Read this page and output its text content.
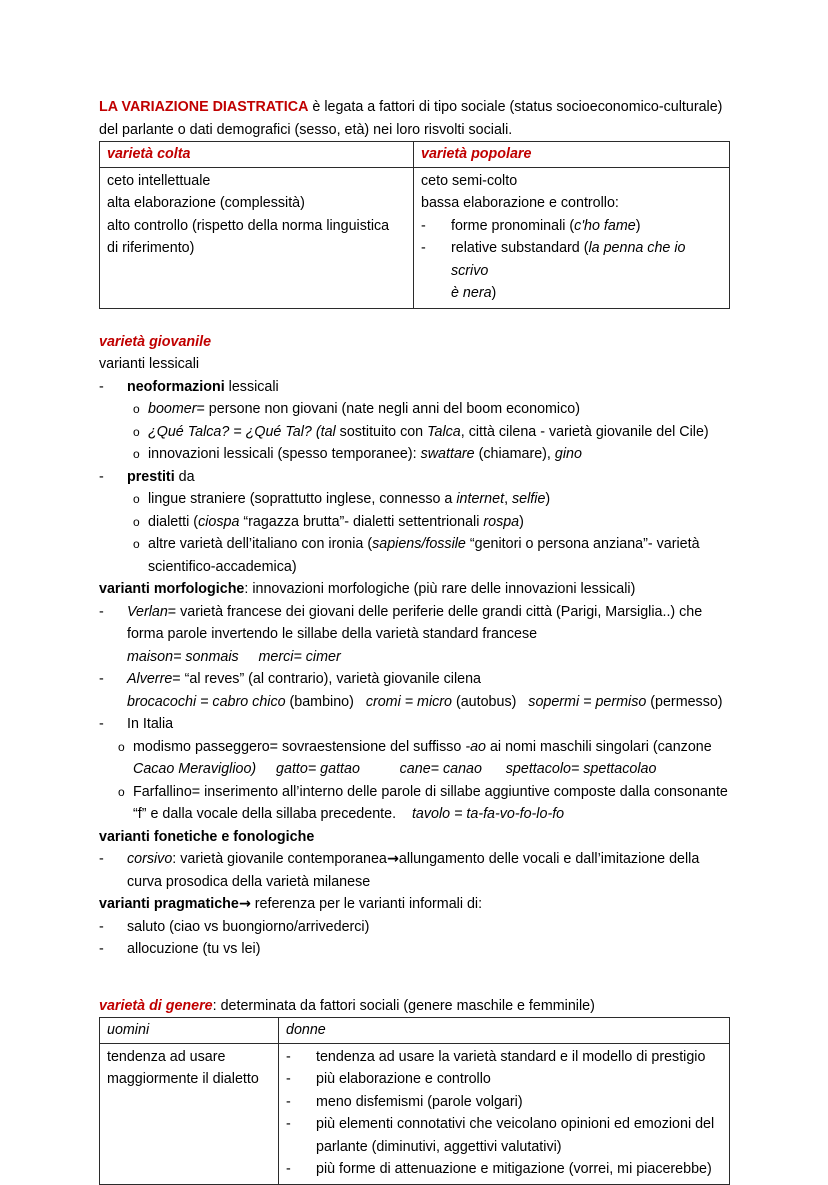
LA VARIAZIONE DIASTRATICA è legata a fattori di tipo sociale (status socioeconomico-culturale)
del parlante o dati demografici (sesso, età) nei loro risvolti sociali.
varietà colta	varietà popolare

ceto intellettuale
alta elaborazione (complessità)
alto controllo (rispetto della norma linguistica
di riferimento)

ceto semi-colto
bassa elaborazione e controllo:
-	forme pronominali (c'ho fame)
-	relative substandard (la penna che io scrivo
è nera)
varietà giovanile
varianti lessicali
-	neoformazioni lessicali
o boomer= persone non giovani (nate negli anni del boom economico)
o ¿Qué Talca? = ¿Qué Tal? (tal sostituito con Talca, città cilena - varietà giovanile del Cile)
o innovazioni lessicali (spesso temporanee): swattare (chiamare), gino
-	prestiti da
o lingue straniere (soprattutto inglese, connesso a internet, selfie)
o dialetti (ciospa “ragazza brutta”- dialetti settentrionali rospa)
o altre varietà dell’italiano con ironia (sapiens/fossile “genitori o persona anziana”- varietà
scientifico-accademica)
varianti morfologiche: innovazioni morfologiche (più rare delle innovazioni lessicali)
-	Verlan= varietà francese dei giovani delle periferie delle grandi città (Parigi, Marsiglia..) che
forma parole invertendo le sillabe della varietà standard francese
maison= sonmais     merci= cimer
-	Alverre= “al reves” (al contrario), varietà giovanile cilena
brocacochi = cabro chico (bambino)   cromi = micro (autobus)   sopermi = permiso (permesso)
-	In Italia
o modismo passeggero= sovraestensione del suffisso -ao ai nomi maschili singolari (canzone
Cacao Meraviglioo) gatto= gattao	cane= canao spettacolo= spettacolao
o Farfallino= inserimento all’interno delle parole di sillabe aggiuntive composte dalla consonante
“f” e dalla vocale della sillaba precedente.    tavolo = ta-fa-vo-fo-lo-fo
varianti fonetiche e fonologiche
-	corsivo: varietà giovanile contemporanea→allungamento delle vocali e dall’imitazione della
curva prosodica della varietà milanese
varianti pragmatiche→ referenza per le varianti informali di:
-	saluto (ciao vs buongiorno/arrivederci)
-	allocuzione (tu vs lei)
varietà di genere: determinata da fattori sociali (genere maschile e femminile)
uomini	donne

tendenza ad usare
maggiormente il dialetto

-	tendenza ad usare la varietà standard e il modello di prestigio
-	più elaborazione e controllo
-	meno disfemismi (parole volgari)
-	più elementi connotativi che veicolano opinioni ed emozioni del
parlante (diminutivi, aggettivi valutativi)
-	più forme di attenuazione e mitigazione (vorrei, mi piacerebbe)
